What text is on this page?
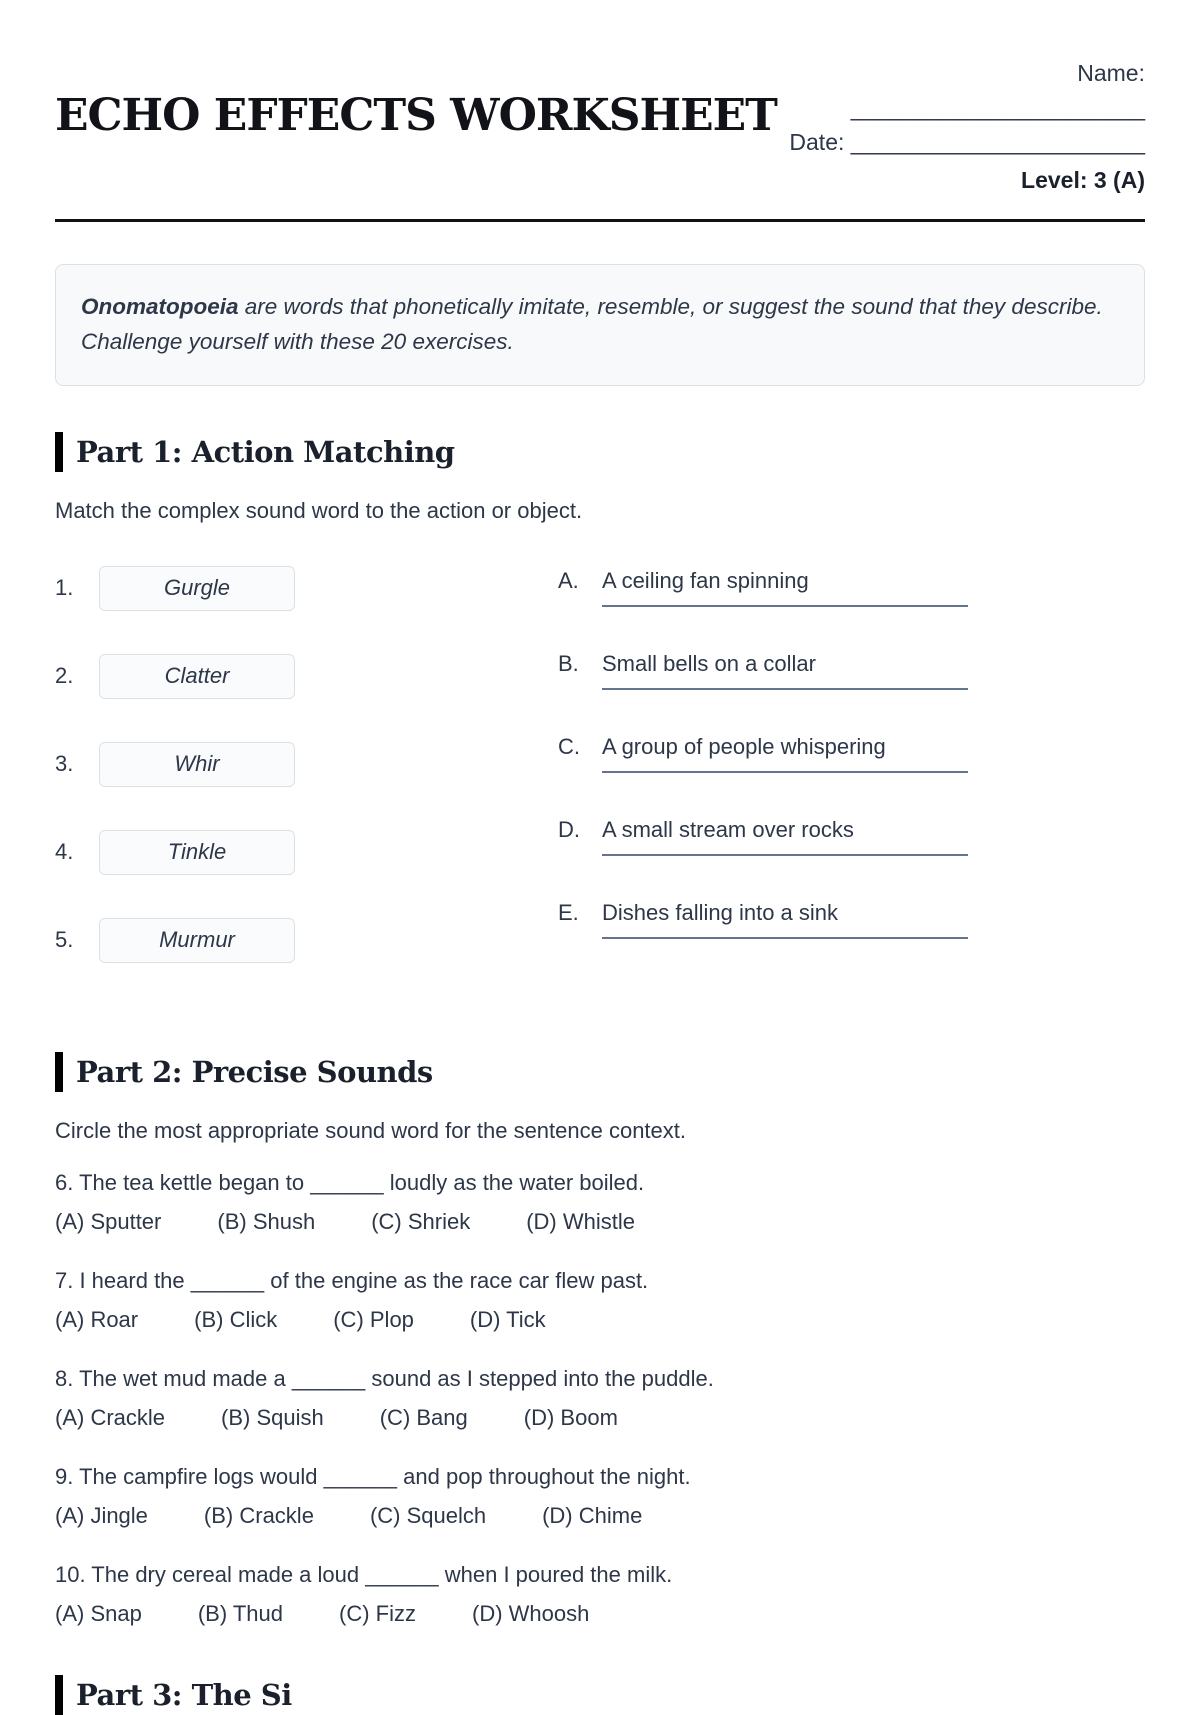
ECHO EFFECTS WORKSHEET
Name: _______________________
Date: _______________________
Level: 3 (A)
Onomatopoeia are words that phonetically imitate, resemble, or suggest the sound that they describe. Challenge yourself with these 20 exercises.
Part 1: Action Matching

Match the complex sound word to the action or object.

1.	Gurgle
2.	Clatter
3.	Whir
4.	Tinkle
5.	Murmur
A.	A ceiling fan spinning
B.	Small bells on a collar
C.	A group of people whispering
D.	A small stream over rocks
E.	Dishes falling into a sink
Part 2: Precise Sounds

Circle the most appropriate sound word for the sentence context.

6. The tea kettle began to ______ loudly as the water boiled.

(A) Sputter	(B) Shush	(C) Shriek	(D) Whistle

7. I heard the ______ of the engine as the race car flew past.

(A) Roar	(B) Click	(C) Plop	(D) Tick

8. The wet mud made a ______ sound as I stepped into the puddle.

(A) Crackle	(B) Squish	(C) Bang	(D) Boom

9. The campfire logs would ______ and pop throughout the night.

(A) Jingle	(B) Crackle	(C) Squelch	(D) Chime

10. The dry cereal made a loud ______ when I poured the milk.

(A) Snap	(B) Thud	(C) Fizz	(D) Whoosh
Part 3: The Si
